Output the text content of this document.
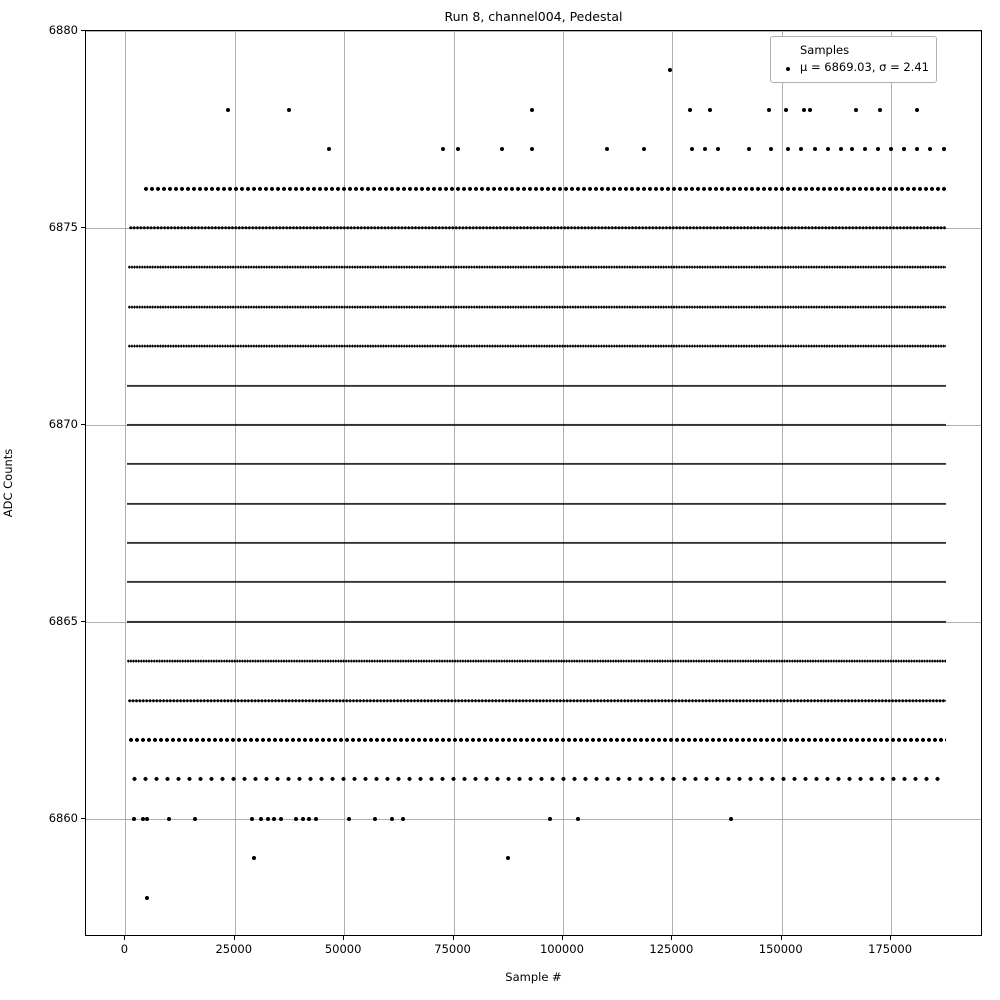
Run 8, channel004, Pedestal
ADC Counts
Sample #
6860
6865
6870
6875
6880
Samples
μ = 6869.03, σ = 2.41
0	25000	50000	75000	100000	125000	150000	175000
